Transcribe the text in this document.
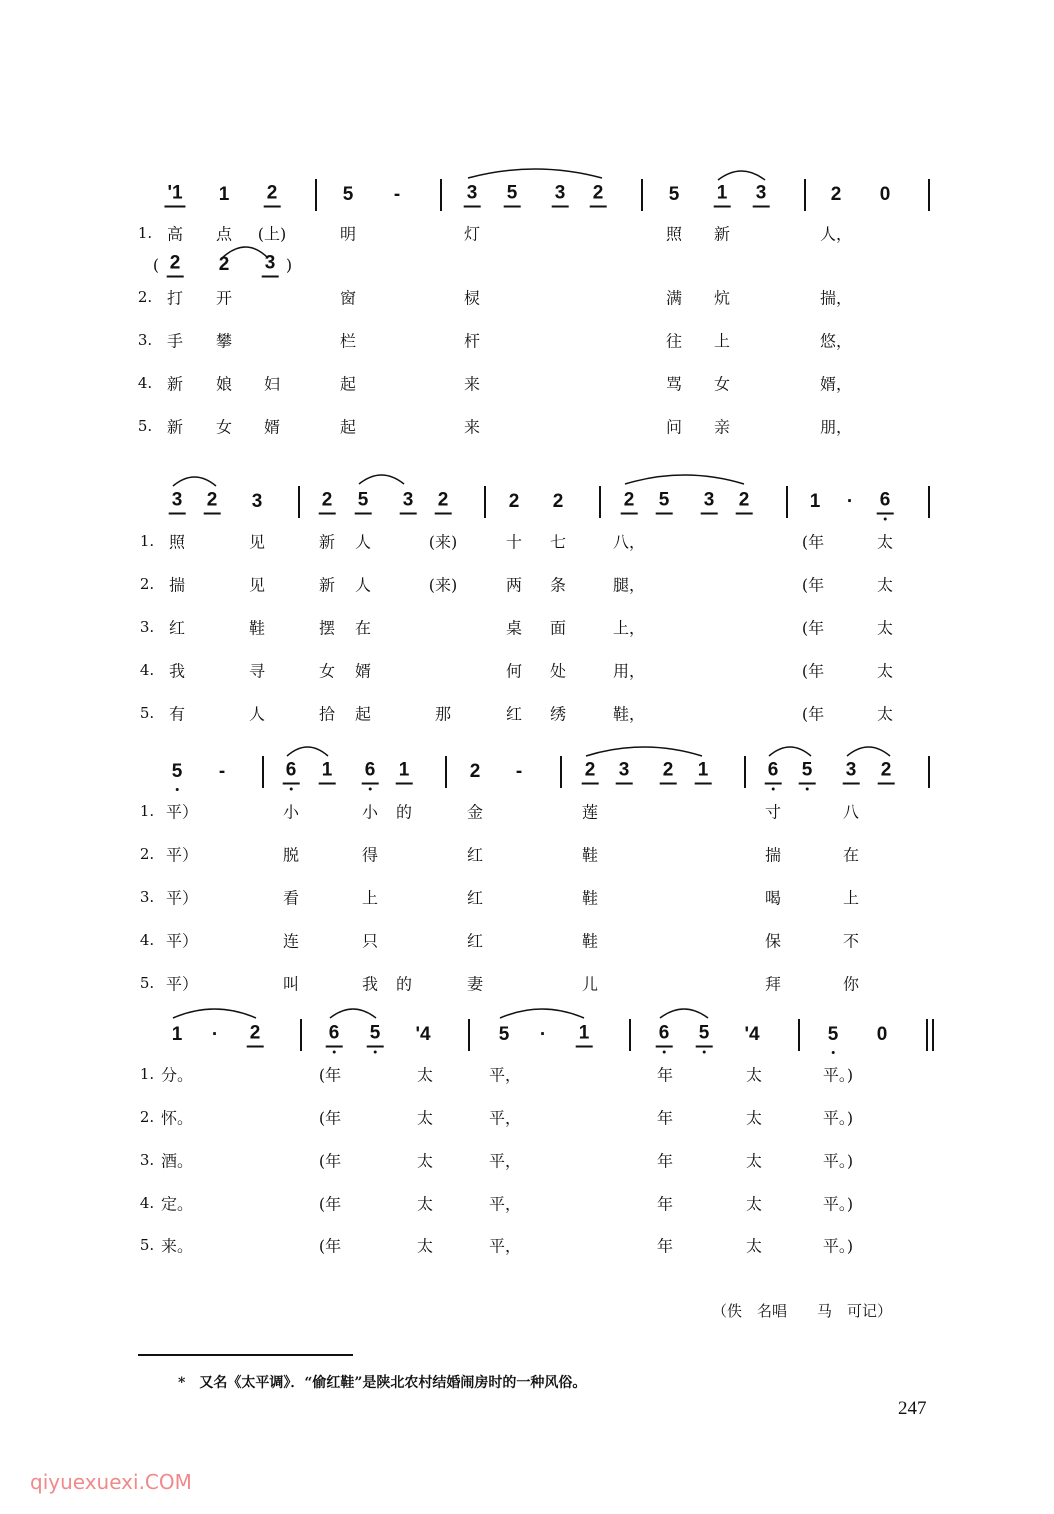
'1 1 2	5 -	3 5 3 2	5 1 3	2 0
1. 高 点 (上)	明	灯	照 新	人，
2. 打 开	窗	棂	满 炕	揣，
3. 手 攀	栏	杆	往 上	悠，
4. 新 娘 妇	起	来	骂 女	婿，
5. 新 女 婿	起	来	问 亲	朋，
( 2 2 3 )
3 2 3	2 5 3 2	2 2	2 5 3 2	1 · 6
1. 照	见	新 人	(来)	十 七	八，	(年	太
2. 揣	见	新 人	(来)	两 条	腿，	(年	太
3. 红	鞋	摆 在	桌 面	上，	(年	太
4. 我	寻	女 婿	何 处	用，	(年	太
5. 有	人	拾 起	那	红 绣	鞋，	(年	太
5 -	6 1 6 1	2 -	2 3 2 1	6 5 3 2
1. 平）	小	小 的	金	莲	寸	八
2. 平）	脱	得	红	鞋	揣	在
3. 平）	看	上	红	鞋	喝	上
4. 平）	连	只	红	鞋	保	不
5. 平）	叫	我 的	妻	儿	拜	你
1 · 2	6 5 '4	5 · 1	6 5 '4	5 0
1. 分。	(年	太	平，	年	太	平。)
2. 怀。	(年	太	平，	年	太	平。)
3. 酒。	(年	太	平，	年	太	平。)
4. 定。	(年	太	平，	年	太	平。)
5. 来。	(年	太	平，	年	太	平。)
（佚　名唱　　马　可记）
*　又名《太平调》．“偷红鞋”是陕北农村结婚闹房时的一种风俗。
247
qiyuexuexi.COM
